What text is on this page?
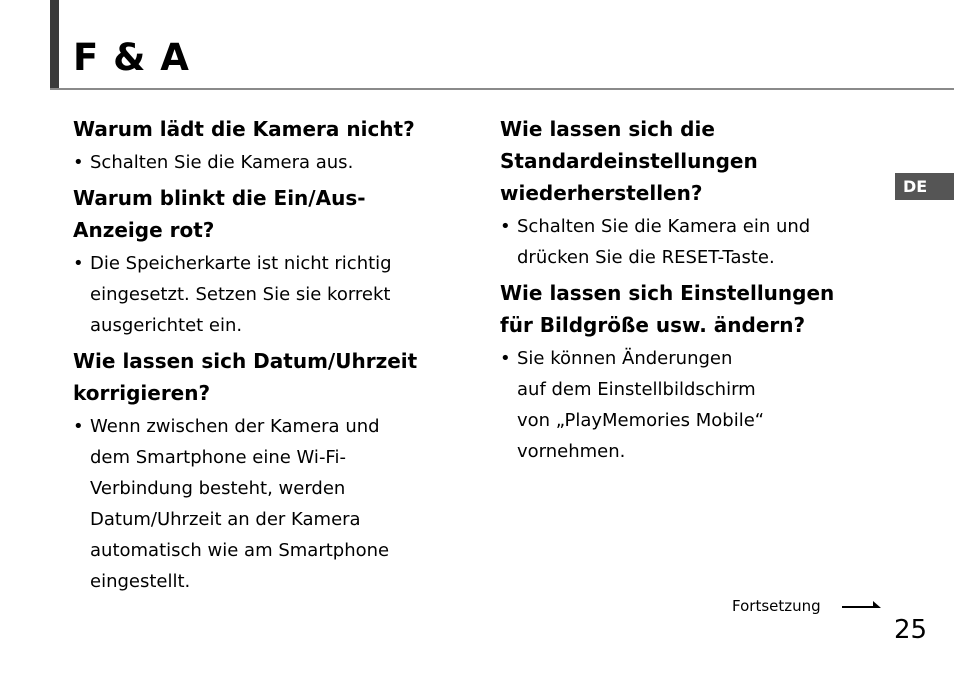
F & A
DE

Warum lädt die Kamera nicht?

• Schalten Sie die Kamera aus.

Warum blinkt die Ein/Aus-
Anzeige rot?

• Die Speicherkarte ist nicht richtig
eingesetzt. Setzen Sie sie korrekt
ausgerichtet ein.

Wie lassen sich Datum/Uhrzeit
korrigieren?

• Wenn zwischen der Kamera und
dem Smartphone eine Wi-Fi-
Verbindung besteht, werden
Datum/Uhrzeit an der Kamera
automatisch wie am Smartphone
eingestellt.

Wie lassen sich die
Standardeinstellungen
wiederherstellen?

• Schalten Sie die Kamera ein und
drücken Sie die RESET-Taste.

Wie lassen sich Einstellungen
für Bildgröße usw. ändern?

• Sie können Änderungen
auf dem Einstellbildschirm
von „PlayMemories Mobile“
vornehmen.

Fortsetzung
25
